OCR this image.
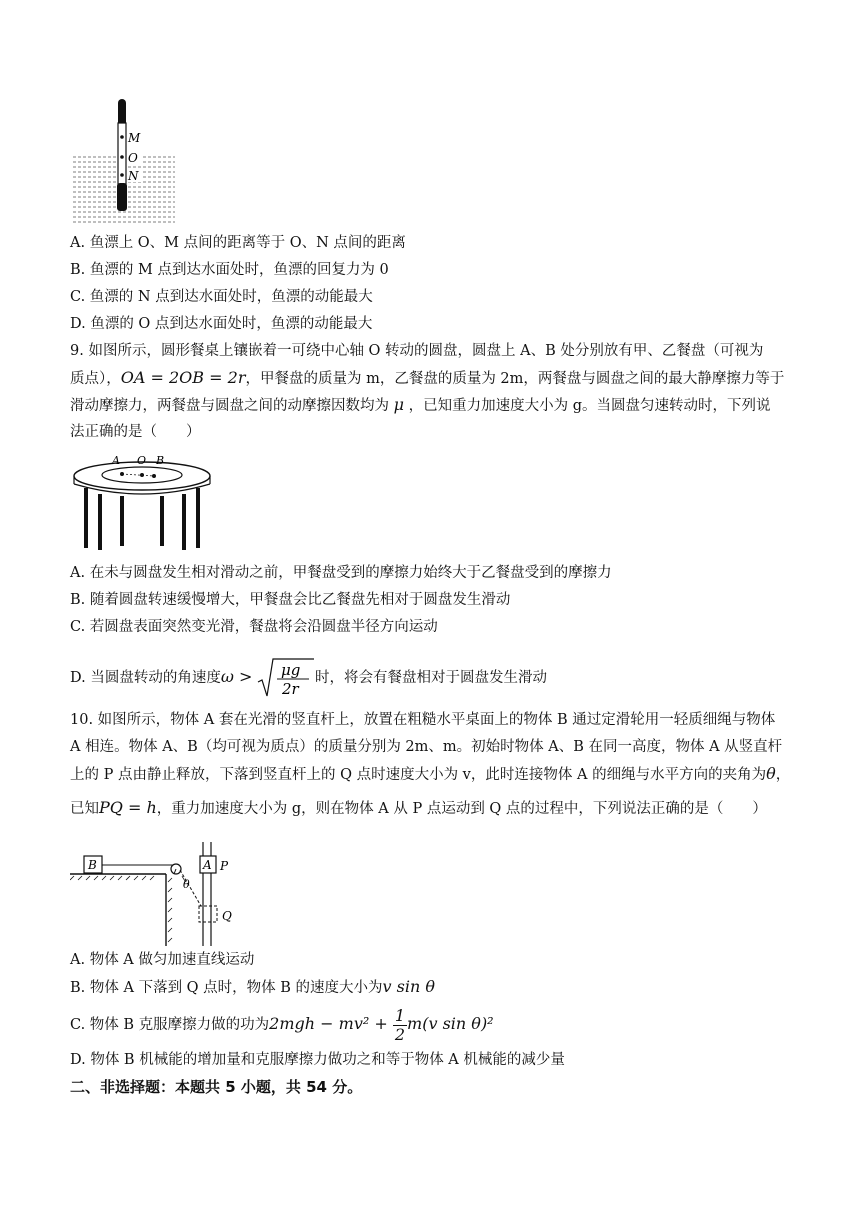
M
O
N
A. 鱼漂上 O、M 点间的距离等于 O、N 点间的距离
B. 鱼漂的 M 点到达水面处时，鱼漂的回复力为 0
C. 鱼漂的 N 点到达水面处时，鱼漂的动能最大
D. 鱼漂的 O 点到达水面处时，鱼漂的动能最大
9. 如图所示，圆形餐桌上镶嵌着一可绕中心轴 O 转动的圆盘，圆盘上 A、B 处分别放有甲、乙餐盘（可视为
质点），OA = 2OB = 2r，甲餐盘的质量为 m，乙餐盘的质量为 2m，两餐盘与圆盘之间的最大静摩擦力等于
滑动摩擦力，两餐盘与圆盘之间的动摩擦因数均为 μ ，已知重力加速度大小为 g。当圆盘匀速转动时，下列说
法正确的是（　　）
A O B
A. 在未与圆盘发生相对滑动之前，甲餐盘受到的摩擦力始终大于乙餐盘受到的摩擦力
B. 随着圆盘转速缓慢增大，甲餐盘会比乙餐盘先相对于圆盘发生滑动
C. 若圆盘表面突然变光滑，餐盘将会沿圆盘半径方向运动
D. 当圆盘转动的角速度ω > μg
2r
时，将会有餐盘相对于圆盘发生滑动
10. 如图所示，物体 A 套在光滑的竖直杆上，放置在粗糙水平桌面上的物体 B 通过定滑轮用一轻质细绳与物体
A 相连。物体 A、B（均可视为质点）的质量分别为 2m、m。初始时物体 A、B 在同一高度，物体 A 从竖直杆
上的 P 点由静止释放，下落到竖直杆上的 Q 点时速度大小为 v，此时连接物体 A 的细绳与水平方向的夹角为θ，
已知PQ = h，重力加速度大小为 g，则在物体 A 从 P 点运动到 Q 点的过程中，下列说法正确的是（　　）
B	A P
Q
θ
A. 物体 A 做匀加速直线运动
B. 物体 A 下落到 Q 点时，物体 B 的速度大小为v sin θ
C. 物体 B 克服摩擦力做的功为$2mgh - mv^2 + \frac{1}{2} m(v$ sin θ)²
D. 物体 B 机械能的增加量和克服摩擦力做功之和等于物体 A 机械能的减少量
二、非选择题：本题共 5 小题，共 54 分。
